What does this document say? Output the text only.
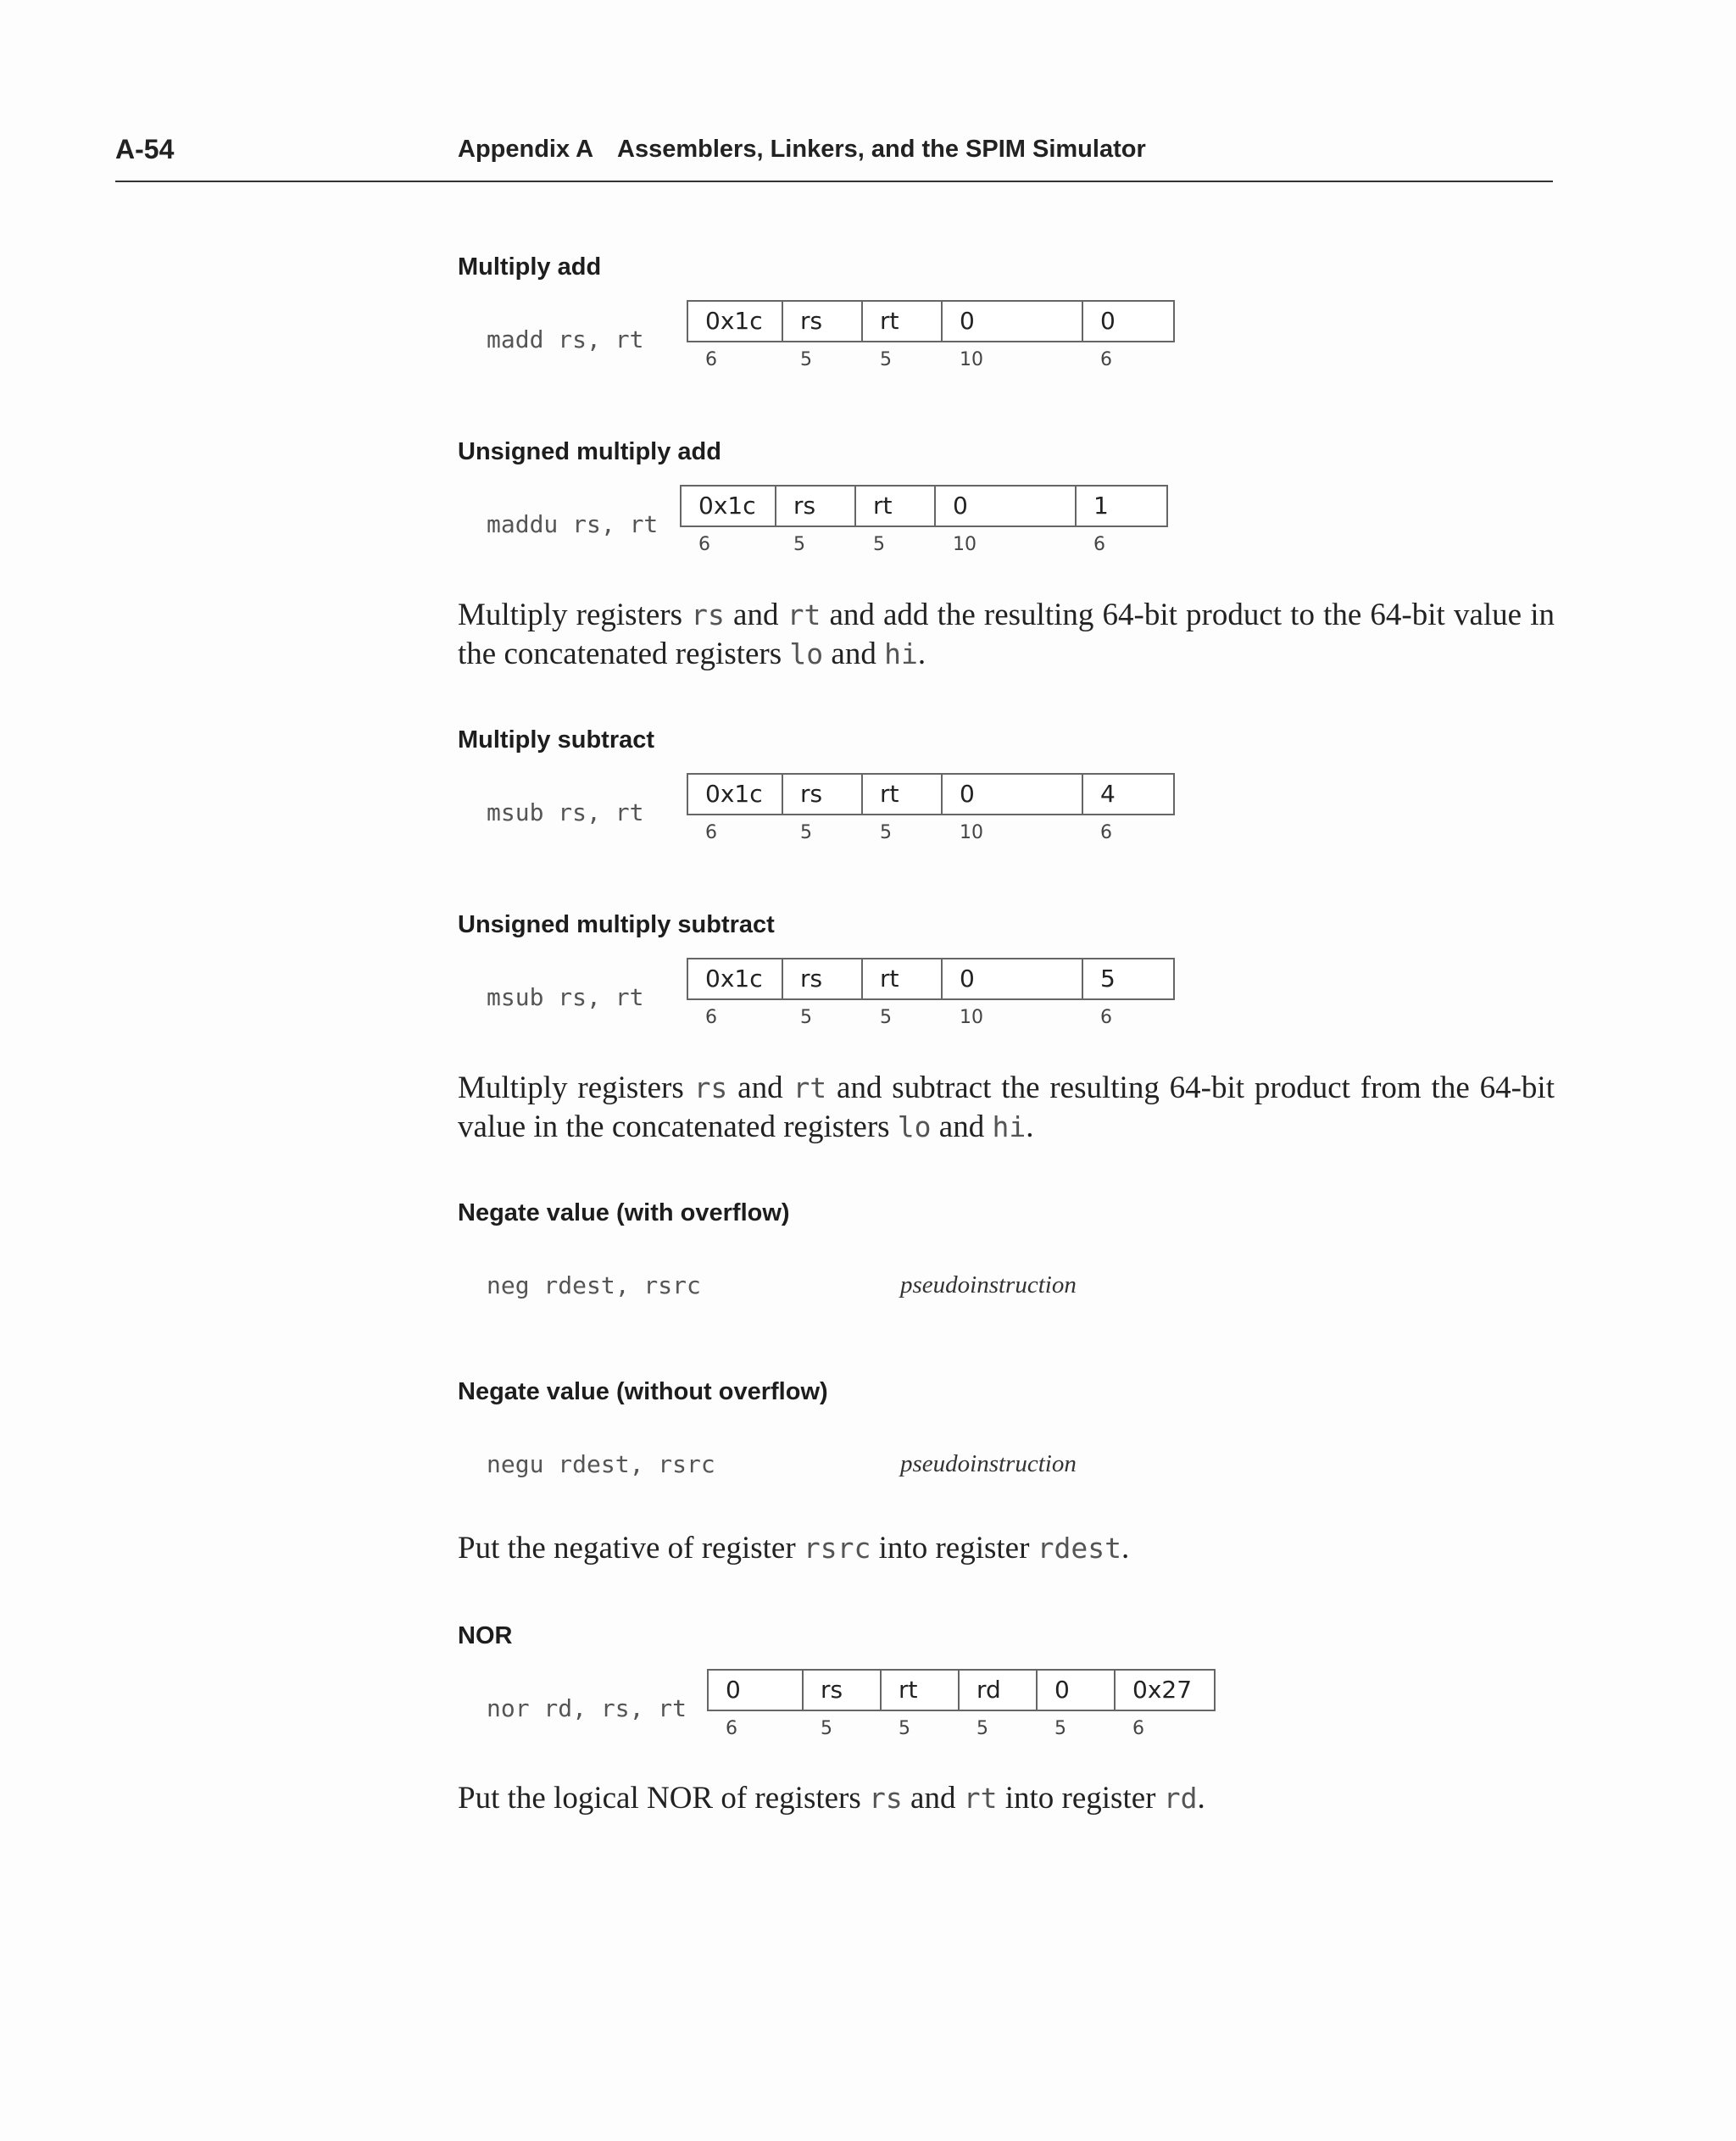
A-54	Appendix A Assemblers, Linkers, and the SPIM Simulator
Multiply add
madd rs, rt
0x1c	rs	rt	0	0
6	5	5	10	6
Unsigned multiply add
maddu rs, rt
0x1c	rs	rt	0	1
6	5	5	10	6
Multiply registers rs and rt and add the resulting 64-bit product to the 64-bit value in the concatenated registers lo and hi.
Multiply subtract
msub rs, rt
0x1c	rs	rt	0	4
6	5	5	10	6
Unsigned multiply subtract
msub rs, rt
0x1c	rs	rt	0	5
6	5	5	10	6
Multiply registers rs and rt and subtract the resulting 64-bit product from the 64-bit value in the concatenated registers lo and hi.
Negate value (with overflow)
neg rdest, rsrc	pseudoinstruction
Negate value (without overflow)
negu rdest, rsrc	pseudoinstruction
Put the negative of register rsrc into register rdest.
NOR
nor rd, rs, rt
0	rs	rt	rd	0	0x27
6	5	5	5	5	6
Put the logical NOR of registers rs and rt into register rd.
